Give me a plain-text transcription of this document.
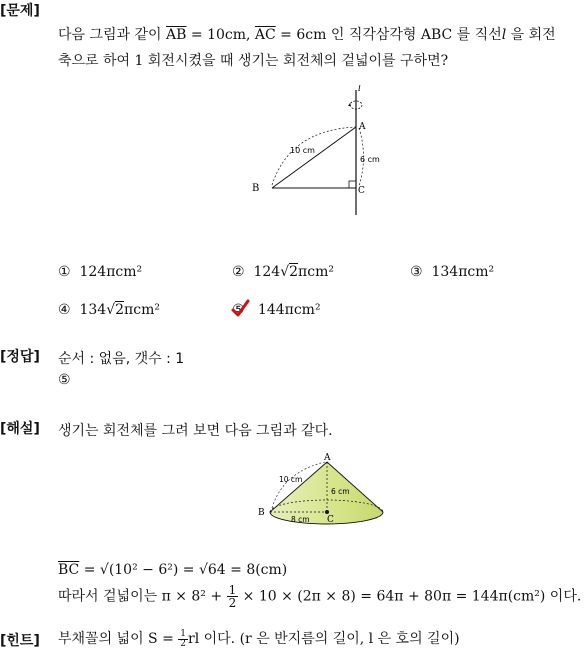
[문제]
다음 그림과 같이 $\overline{AB} = 10cm$, $\overline{AC} = 6cm$ 인 직각삼각형 ABC 를 직선l 을 회전
축으로 하여 1 회전시켰을 때 생기는 회전체의 겉넓이를 구하면?
B
A
C
l
10 cm
6 cm
① 124πcm²	② 124√2πcm²	③ 134πcm²
④ 134√2πcm²	⑤ 144πcm²
[정답] 순서 : 없음, 갯수 : 1
⑤
[해설] 생기는 회전체를 그려 보면 다음 그림과 같다.
A
B
C
10 cm
6 cm
8 cm
$\overline{BC} = √(10^2 - 6^2) = √64 = 8(cm)$
따라서 겉넓이는 $\pi \times 8^2 + \frac{1}{2} \times 10 \times (2\pi \times 8) = 64\pi + 80\pi = 144\pi(cm^2)$ 이다.
[힌트] 부채꼴의 넓이 $S = \frac{1}{2}$ rl 이다. (r 은 반지름의 길이, l 은 호의 길이)
